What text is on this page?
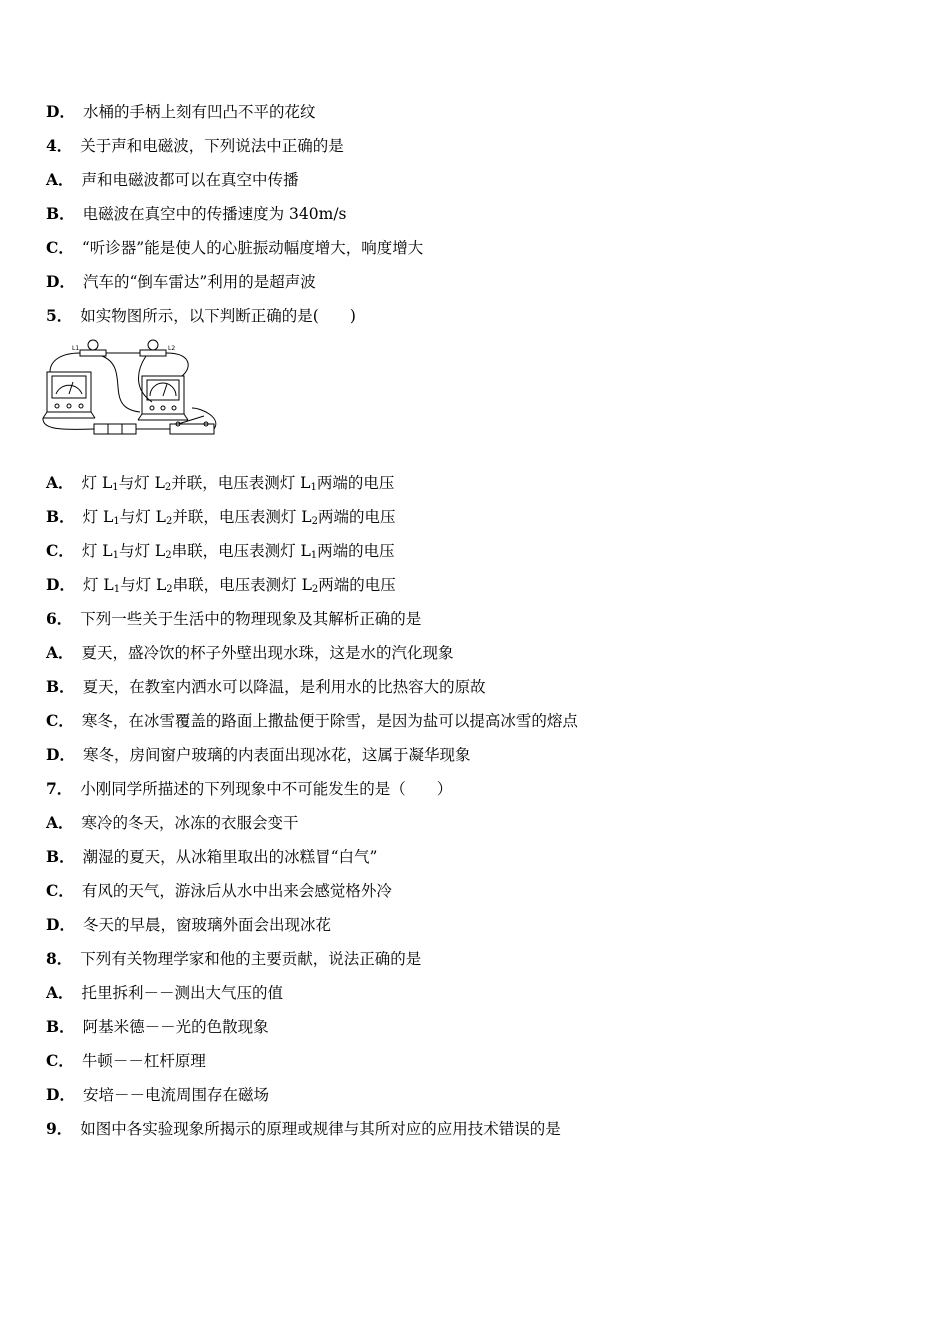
D． 水桶的手柄上刻有凹凸不平的花纹
4． 关于声和电磁波，下列说法中正确的是
A． 声和电磁波都可以在真空中传播
B． 电磁波在真空中的传播速度为 340m/s
C． “听诊器”能是使人的心脏振动幅度增大，响度增大
D． 汽车的“倒车雷达”利用的是超声波
5． 如实物图所示，以下判断正确的是(　　)
A． 灯 $L_1$与灯 $L_2$并联，电压表测灯 $L_1$两端的电压
B． 灯 $L_1$与灯 $L_2$并联，电压表测灯 $L_2$两端的电压
C． 灯 $L_1$与灯 $L_2$串联，电压表测灯 $L_1$两端的电压
D． 灯 $L_1$与灯 $L_2$串联，电压表测灯 $L_2$两端的电压
6． 下列一些关于生活中的物理现象及其解析正确的是
A． 夏天，盛冷饮的杯子外壁出现水珠，这是水的汽化现象
B． 夏天，在教室内洒水可以降温，是利用水的比热容大的原故
C． 寒冬，在冰雪覆盖的路面上撒盐便于除雪，是因为盐可以提高冰雪的熔点
D． 寒冬，房间窗户玻璃的内表面出现冰花，这属于凝华现象
7． 小刚同学所描述的下列现象中不可能发生的是（　　）
A． 寒冷的冬天，冰冻的衣服会变干
B． 潮湿的夏天，从冰箱里取出的冰糕冒“白气”
C． 有风的天气，游泳后从水中出来会感觉格外冷
D． 冬天的早晨，窗玻璃外面会出现冰花
8． 下列有关物理学家和他的主要贡献，说法正确的是
A． 托里拆利－－测出大气压的值
B． 阿基米德－－光的色散现象
C． 牛顿－－杠杆原理
D． 安培－－电流周围存在磁场
9． 如图中各实验现象所揭示的原理或规律与其所对应的应用技术错误的是
L1	L2
